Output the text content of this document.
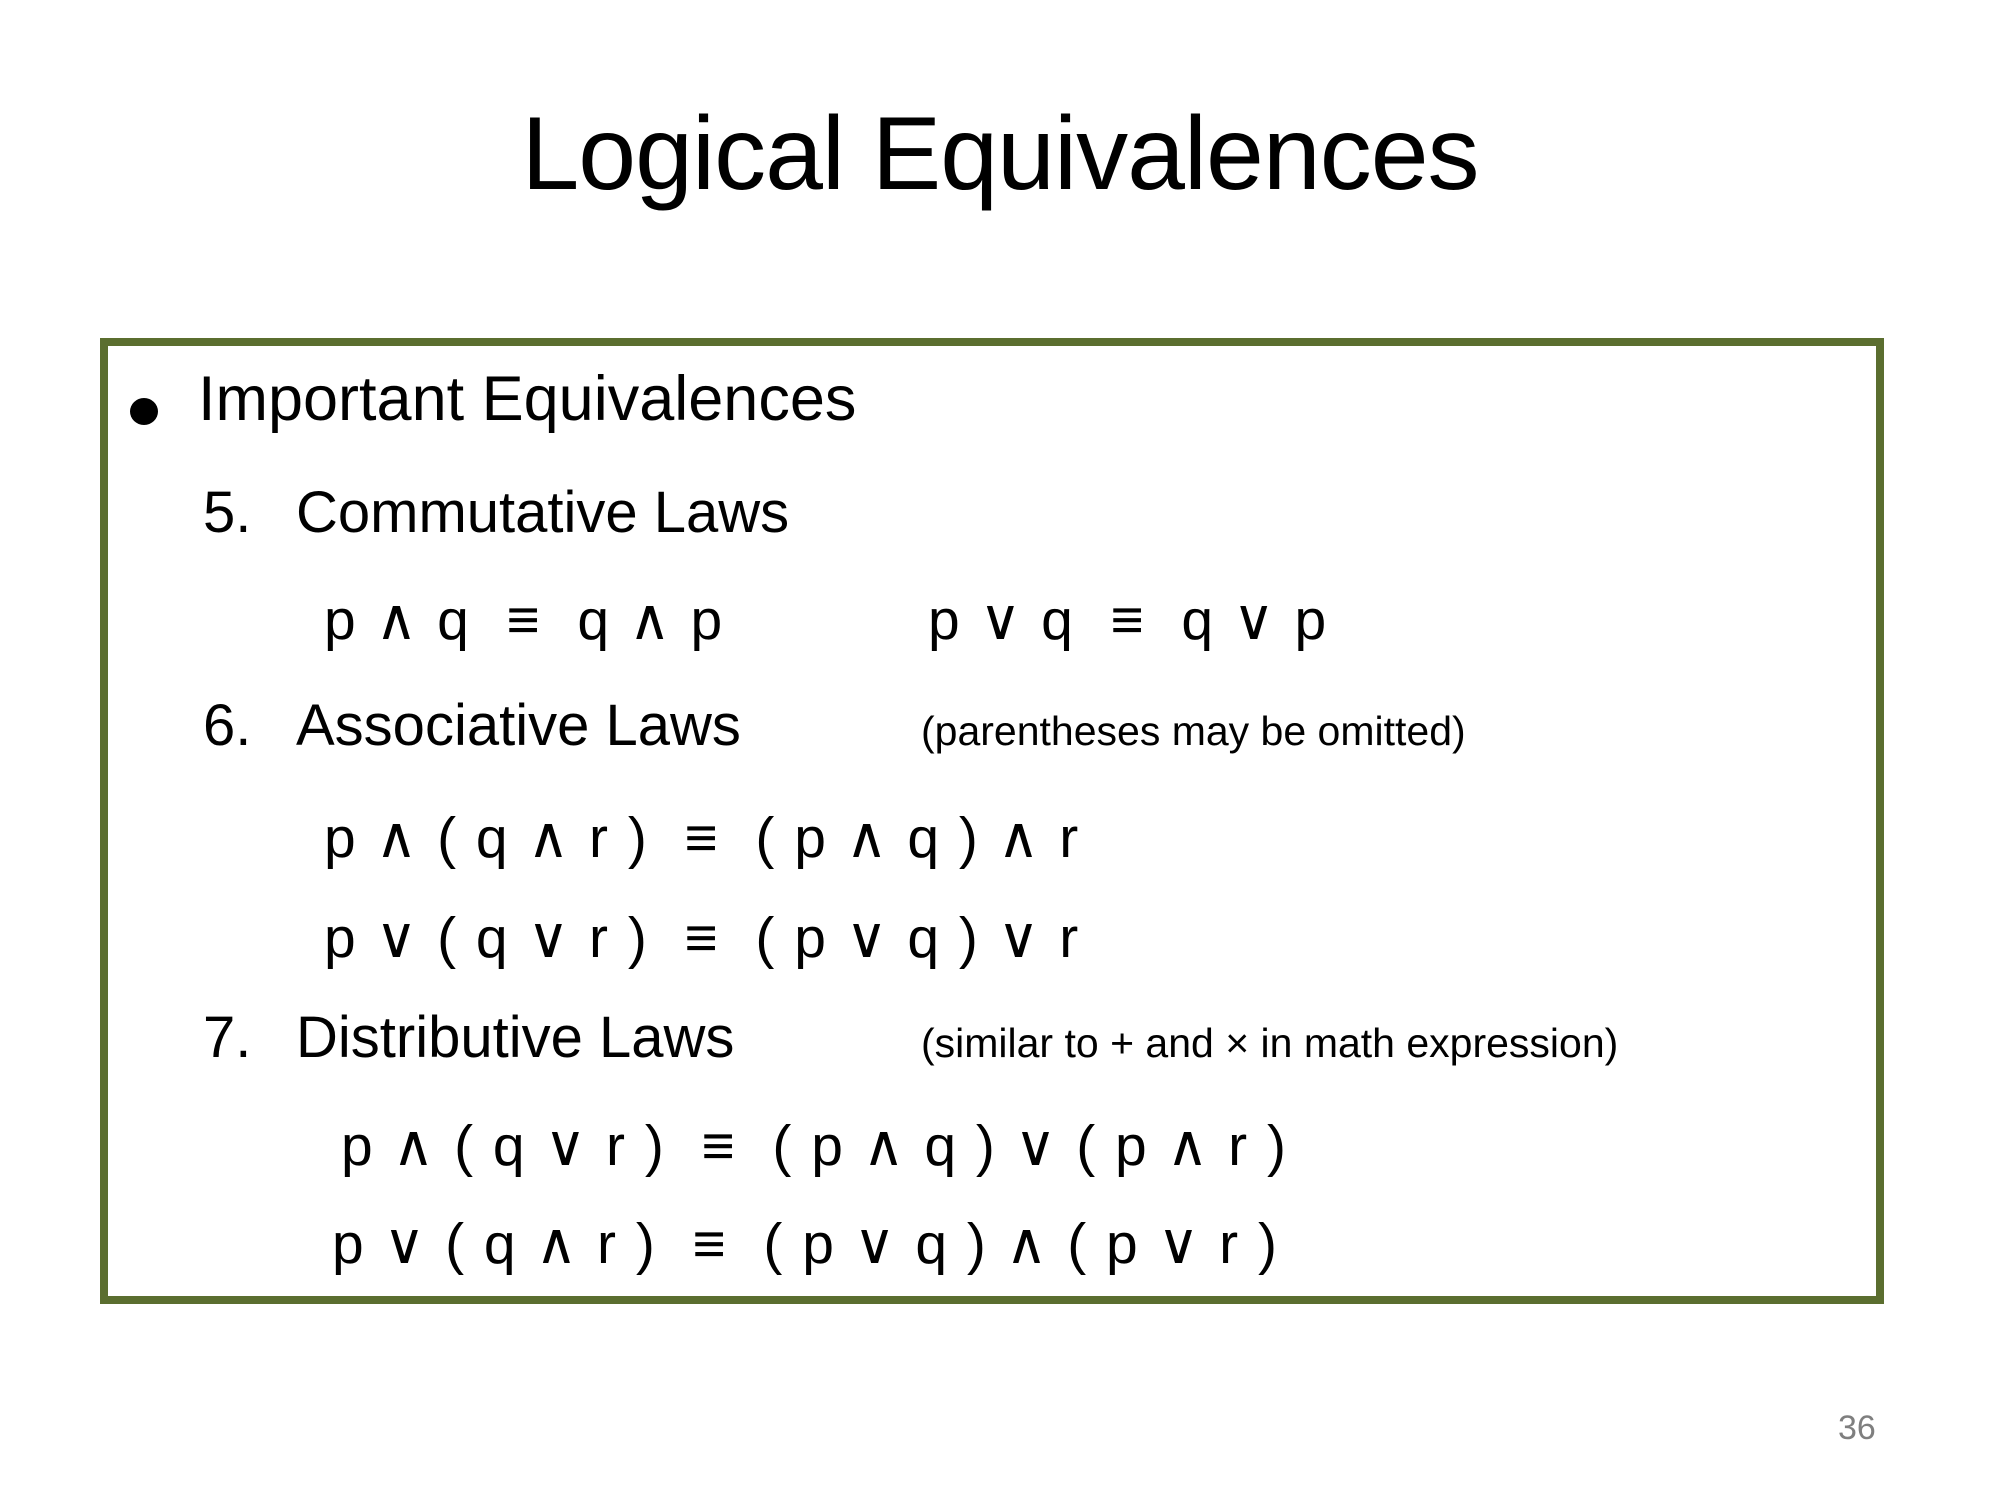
Logical Equivalences
Important Equivalences

5.

Commutative Laws

p ∧ q  ≡  q ∧ p

	p ∨ q  ≡  q ∨ p

6.

Associative Laws

	(parentheses may be omitted)

p ∧ ( q ∧ r )  ≡  ( p ∧ q ) ∧ r

p ∨ ( q ∨ r )  ≡  ( p ∨ q ) ∨ r

7.

Distributive Laws

	(similar to + and × in math expression)

p ∧ ( q ∨ r )  ≡  ( p ∧ q ) ∨ ( p ∧ r )

p ∨ ( q ∧ r )  ≡  ( p ∨ q ) ∧ ( p ∨ r )

36
